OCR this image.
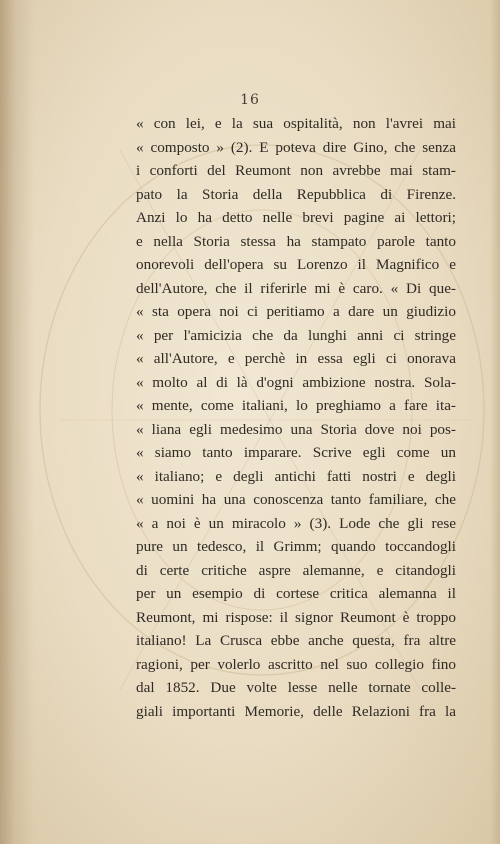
16
« con lei, e la sua ospitalità, non l'avrei mai
« composto » (2). E poteva dire Gino, che senza
i conforti del Reumont non avrebbe mai stam-
pato la Storia della Repubblica di Firenze.
Anzi lo ha detto nelle brevi pagine ai lettori;
e nella Storia stessa ha stampato parole tanto
onorevoli dell'opera su Lorenzo il Magnifico e
dell'Autore, che il riferirle mi è caro. « Di que-
« sta opera noi ci peritiamo a dare un giudizio
« per l'amicizia che da lunghi anni ci stringe
« all'Autore, e perchè in essa egli ci onorava
« molto al di là d'ogni ambizione nostra. Sola-
« mente, come italiani, lo preghiamo a fare ita-
« liana egli medesimo una Storia dove noi pos-
« siamo tanto imparare. Scrive egli come un
« italiano; e degli antichi fatti nostri e degli
« uomini ha una conoscenza tanto familiare, che
« a noi è un miracolo » (3). Lode che gli rese
pure un tedesco, il Grimm; quando toccandogli
di certe critiche aspre alemanne, e citandogli
per un esempio di cortese critica alemanna il
Reumont, mi rispose: il signor Reumont è troppo
italiano! La Crusca ebbe anche questa, fra altre
ragioni, per volerlo ascritto nel suo collegio fino
dal 1852. Due volte lesse nelle tornate colle-
giali importanti Memorie, delle Relazioni fra la
